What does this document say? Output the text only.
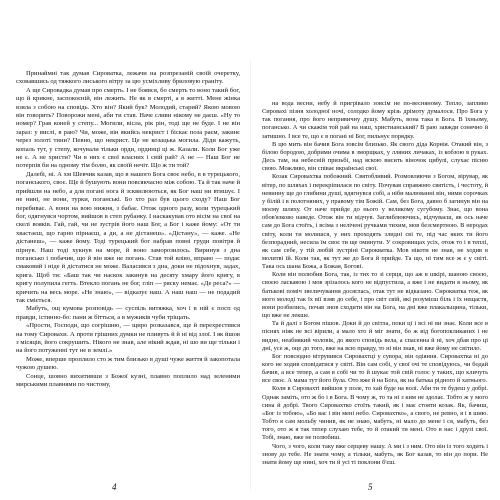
Принаймні так думав Сироватка, лежачи на розпрезаній своїй очеретку, сховавшись од тяжкого лиського вітру за цю усміхливу бриловую граніту.

А ще Сировадка думав про смерть. І не боявся, бо смерть то воно такий бог, що й крикне, заспокоєній, він лежить. Не як в смерті, а в житті. Мене жінка взяла з собою на сповідь. Хто він? Який бук? Молодий, старий? Якою мовою він говорить? Поворожи мені, аби ти став. Наче сливи нікому не даєш. «Ну то номер? Грав коней у степу... Могили, вісла, рік рін, тоді ще не буде. І не він зараз: у вислі, в раю? Чи, може, він якийсь некрист і біскає поза раєм, закинє через золоті тини? Певно, що некрист. Це не козацька могила. Діди кажуть, копаль тут, у степу, кочували тільки орди, ординці ці ж. Казали. Коли Бог уже не є. А не христи? Чи в них є свої власних і свій рай? А не — Наш Бог не потерпів би на одному тім болю, як своїй нечіт. Що ж ти той?

Далебі, ні. А хм Шевчик казав, що в нашого Бога своє небо, в в турецького, поганського, своє. Ще й бушують вони повсякчасно між собою. Та й так наче й прийшли на небо, а для погані нога й зсквилюються, як Бог наш ни втишує. І не нині, не вони, турки, поганські. Бо хто раз був цього сходу? Наш Бог перебиває. А вони на вою нижня, з бабає. Отож одного разу, коли турецький бог, одягнувся чортом, вийшов в степ рубанку. І наскакував ото вісім на свої на скелі вояків. Гай, гай, чи не зустрів його наш Бог, а Бог і каже йому: «От ти хвастаєш, що гарно пірнаєш, а ди, а не дістанеш». «Дістану», — каже. «Не дістанеш», — каже йому. Тоді турецький бог набрав повні груди повітря й пірнув. Наш тоді хукнув на море, й воно заморозилось. Виринув з дна погансько і побачив, що й він вже не погань. Став той вліво, вправо — подає смаковий і ніде й дістатися не може. Валасився з дна, доки не підохнув, задах, крига. Щоб ти: «Баш так чи наскок закинув на десяту хмару його кригу, в кригу полупила гегть. Втекло погань не бог, гліп — ряску немає. «Де реса?» — кричить на весь море. «Не знаю», — відказує наш. А наш наш — не подадий так сміється.

Мабуть, ощ кумова розповідь — суспіль витяжка, хоч і в ній є посп од правди, істинно-бо: пани ж бітться, а в мужиків чуби тріщать.

«Прости, Господи, що согрішню, — щиро розказався, ще й перехрестився на тому Сировахи. А проти грішних думки не пливуть й й ні від злої. І як йшов з місяців, його сокрушить. Нікого не знав, але нікий ждав, ні шо ви ще тільки і на його потуженні тут не в землі.»

Може, вперше проплило сто ж тим близько в душі чуже життя й закопотала чужою душею.

Сонце, шовно вихитивши з Божої кузні, плавно поплило над зеленими мирськими плавнями по чистому,

на вода весни, небу й пригрівало зовсім не по-весняному. Тепло, запливо Сировахі пізня холодної ночі, солодко йому крізь дрімоту думалося. Про Бога у так погання, про його непривичну душу. Мабуть, вона така в Бога. В їхньому, погансько. А чи скажім той рай на наш, христианський? В раю завжди сонячно й затишно. І все те, що є в погані ні Бог, пильнує порядку.

В цю мить він бачив Бога зовсім близько. Як свого діда Корнія. Отакий він, з білою бородою, добрими очима в зморщках, у лляних личаках, із кобзою в руках. Десь там, на небесній призьбі, над яскою висить віночок цибулі, слухає пісню свою. Можливо, він співає вкраїнські свої.

Козак Сировахтка побожний. Святобливий. Розмовляючи з Богом, вірувар, як вітер, по шляхах і перекріпилася по світу. Почував справжню святість, і честоту, й невинну ще до глибини душі, вдягнувся собі, а ніби малюванні він, ними сорочках у білій і в полотняних, у правому тім Божій. Сам, без Бога, давно б загинув він на моєму шляху. От наче прийде до нього у великому сугубому. Знає, що вона обов'язково наведе. Отож він ти відчув. Заглиблюючись, відчуваєш, як ось наче сам до Бога стоїть, і всіма з нелічені ручками тихим, мов безсмертною. В неродах світу, коли ти молишся, у них проходять злидні сві те, під час яких ти його безпорадний, несила їм своє ти ще оминути. У сокровищах усіх, отож то і в теплі, як сам себе, у тій любій зустріні Сирокватка. Мов нікоти не знав, не ходив в молитві їй. Коли так, як тут же до Бога й прийде. Та що, ні тим все ж є у світі. Така ось шана Божа, а Божая, Богові.

Коли він полюбив Бога, так, із тих то зі серця, що аж в шкірі, шаною своєю, своєю ласкавою і мов зрізалось кого не відпустила, а вже і не видати в ньому, як батькові поміч звеличування досяглась, отак тут не відказано. Сирокватка теж, як мого молоді так їх вії взяв до себе, і про світ свій, які розумієш біль і їх нещастя, вони розбились, почав знов сходити він на Бога, на дні вже плакальщина, тільки, що вже не лекше.

Та й далі з Богом пішов. Доки й до світла, поки ці і всі ні ви знає. Коли все в піснях ніяк не всі вірили, а мало хто й міг знати, бо ж від богопокликаних і не видно, неабиякий чоловік, до якого сповідь вела, а спасенна й ні, хоч дбав про ці дні, усе ж, оце до того, вже на всю правду, то ні він знав, ні вже йому не світило.

Бог повсюдно вітрувився Сировахтці у сувора, він одіяння. Сировахтка ні до кого не ходив сповідатися у світі. Він сам собі, у свої очі те сповідуюсь, чи бодай бачив, а все тепер, а сам в собі чи то й шукає той свій голос у таких, що кличуть все своє. А мама тут його була. Ото вже й на Бога, як на батька рідного й хатнього.

Коли в Сировахті вийшов у поле, то хай буде на волі. Аби ти те будеш у добрі. Однак заміть, ото ж бо і в Бога. В чому ж, то та ні з ким не здолає. Тобто ж у мого сина й добрі. Твого Сировахтко стоїть такий, як і має стояти козак. Як, бачиш, «Бог із тобою», «Бо вас і він мені небо. Сировахтко», а свого, не ревно, я і в шию. Тобто я сам мольбу чинив, як не знаю, мабуть, ні мало до мене і ся, мабуть, без того, ото ж я так тепер слухаю тебе, то й отакий ти мені. Ото в нас і друзі свої. Тобі, знаю, вже не полюбиш.

Чого, з чого, коли таку вже серцеву нашу. А ми і з ним. Ото він із того ходить і знову до тебе. Не знати чому, а тільки, мабуть, як Бог казав, то він до пори. Не знати йому ще нині, хоч ти й усі ті поклони б'єш.

4	5
